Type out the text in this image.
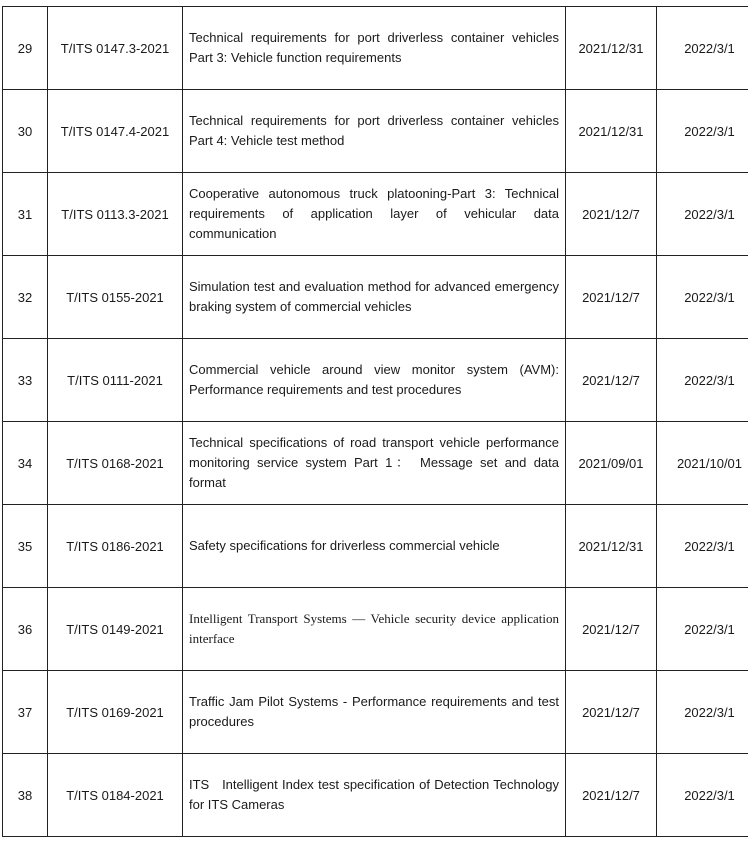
29	T/ITS 0147.3-2021	Technical requirements for port driverless container vehicles Part 3: Vehicle function requirements	2021/12/31	2022/3/1
30	T/ITS 0147.4-2021	Technical requirements for port driverless container vehicles Part 4: Vehicle test method	2021/12/31	2022/3/1
31	T/ITS 0113.3-2021	Cooperative autonomous truck platooning-Part 3: Technical requirements of application layer of vehicular data communication	2021/12/7	2022/3/1
32	T/ITS 0155-2021	Simulation test and evaluation method for advanced emergency braking system of commercial vehicles	2021/12/7	2022/3/1
33	T/ITS 0111-2021	Commercial vehicle around view monitor system (AVM): Performance requirements and test procedures	2021/12/7	2022/3/1
34	T/ITS 0168-2021	Technical specifications of road transport vehicle performance monitoring service system Part 1： Message set and data format	2021/09/01	2021/10/01
35	T/ITS 0186-2021	Safety specifications for driverless commercial vehicle	2021/12/31	2022/3/1
36	T/ITS 0149-2021	Intelligent Transport Systems — Vehicle security device application interface	2021/12/7	2022/3/1
37	T/ITS 0169-2021	Traffic Jam Pilot Systems - Performance requirements and test procedures	2021/12/7	2022/3/1
38	T/ITS 0184-2021	ITS   Intelligent Index test specification of Detection Technology for ITS Cameras	2021/12/7	2022/3/1
